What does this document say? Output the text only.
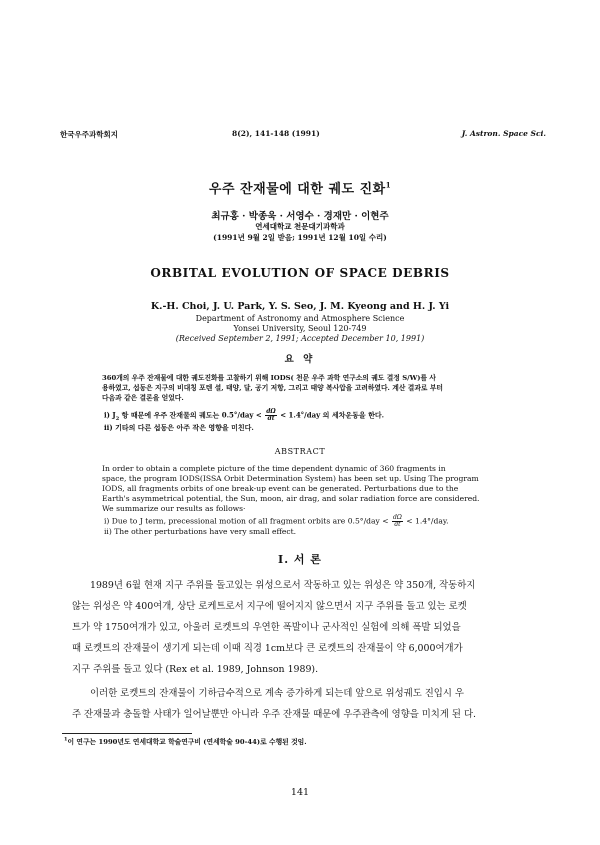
한국우주과학회지	8(2), 141-148 (1991)	J. Astron. Space Sci.
우주 잔재물에 대한 궤도 진화$^1$
최규홍 · 박종욱 · 서영수 · 경재만 · 이현주
연세대학교 천문대기과학과
(1991년 9월 2일 받음; 1991년 12월 10일 수리)
ORBITAL EVOLUTION OF SPACE DEBRIS
K.-H. Choi, J. U. Park, Y. S. Seo, J. M. Kyeong and H. J. Yi
Department of Astronomy and Atmosphere Science
Yonsei University, Seoul 120-749
(Received September 2, 1991; Accepted December 10, 1991)
요 약
360개의 우주 잔재물에 대한 궤도진화를 고찰하기 위해 IODS( 천문 우주 과학 연구소의 궤도 결정 S/W)를 사
용하였고, 섭동은 지구의 비대칭 포텐 셜, 태양, 달, 공기 저항, 그리고 태양 복사압을 고려하였다. 계산 결과로 부터
다음과 같은 결론을 얻었다.
i) $J_2$ 항 때문에 우주 잔재물의 궤도는 $0.5^\circ/day < \frac{d\Omega}{dt} < 1.4^\circ/day$ 의 세차운동을 한다.
ii) 기타의 다른 섭동은 아주 작은 영향을 미친다.
ABSTRACT
In order to obtain a complete picture of the time dependent dynamic of 360 fragments in
space, the program IODS(ISSA Orbit Determination System) has been set up. Using The program
IODS, all fragments orbits of one break-up event can be generated. Perturbations due to the
Earth's asymmetrical potential, the Sun, moon, air drag, and solar radiation force are considered.
We summarize our results as follows·
i) Due to J term, precessional motion of all fragment orbits are $0.5^\circ/day < \frac{d\Omega}{dt} < 1.4^\circ/day$.
ii) The other perturbations have very small effect.
I. 서 론
1989년 6월 현재 지구 주위를 돌고있는 위성으로서 작동하고 있는 위성은 약 350개, 작동하지
않는 위성은 약 400여개, 상단 로케트로서 지구에 떨어지지 않으면서 지구 주위를 돌고 있는 로켓
트가 약 1750여개가 있고, 아울러 로켓트의 우연한 폭발이나 군사적인 실험에 의해 폭발 되었을
때 로켓트의 잔재물이 생기게 되는데 이때 직경 1cm보다 큰 로켓트의 잔재물이 약 6,000여개가
지구 주위를 돌고 있다 (Rex et al. 1989, Johnson 1989).
이러한 로켓트의 잔재물이 기하급수적으로 계속 증가하게 되는데 앞으로 위성궤도 진입시 우
주 잔재물과 충돌할 사태가 일어날뿐만 아니라 우주 잔재물 때문에 우주관측에 영향을 미치게 된 다.
$^1$이 연구는 1990년도 연세대학교 학술연구비 (연세학술 90-44)로 수행된 것임.
141
